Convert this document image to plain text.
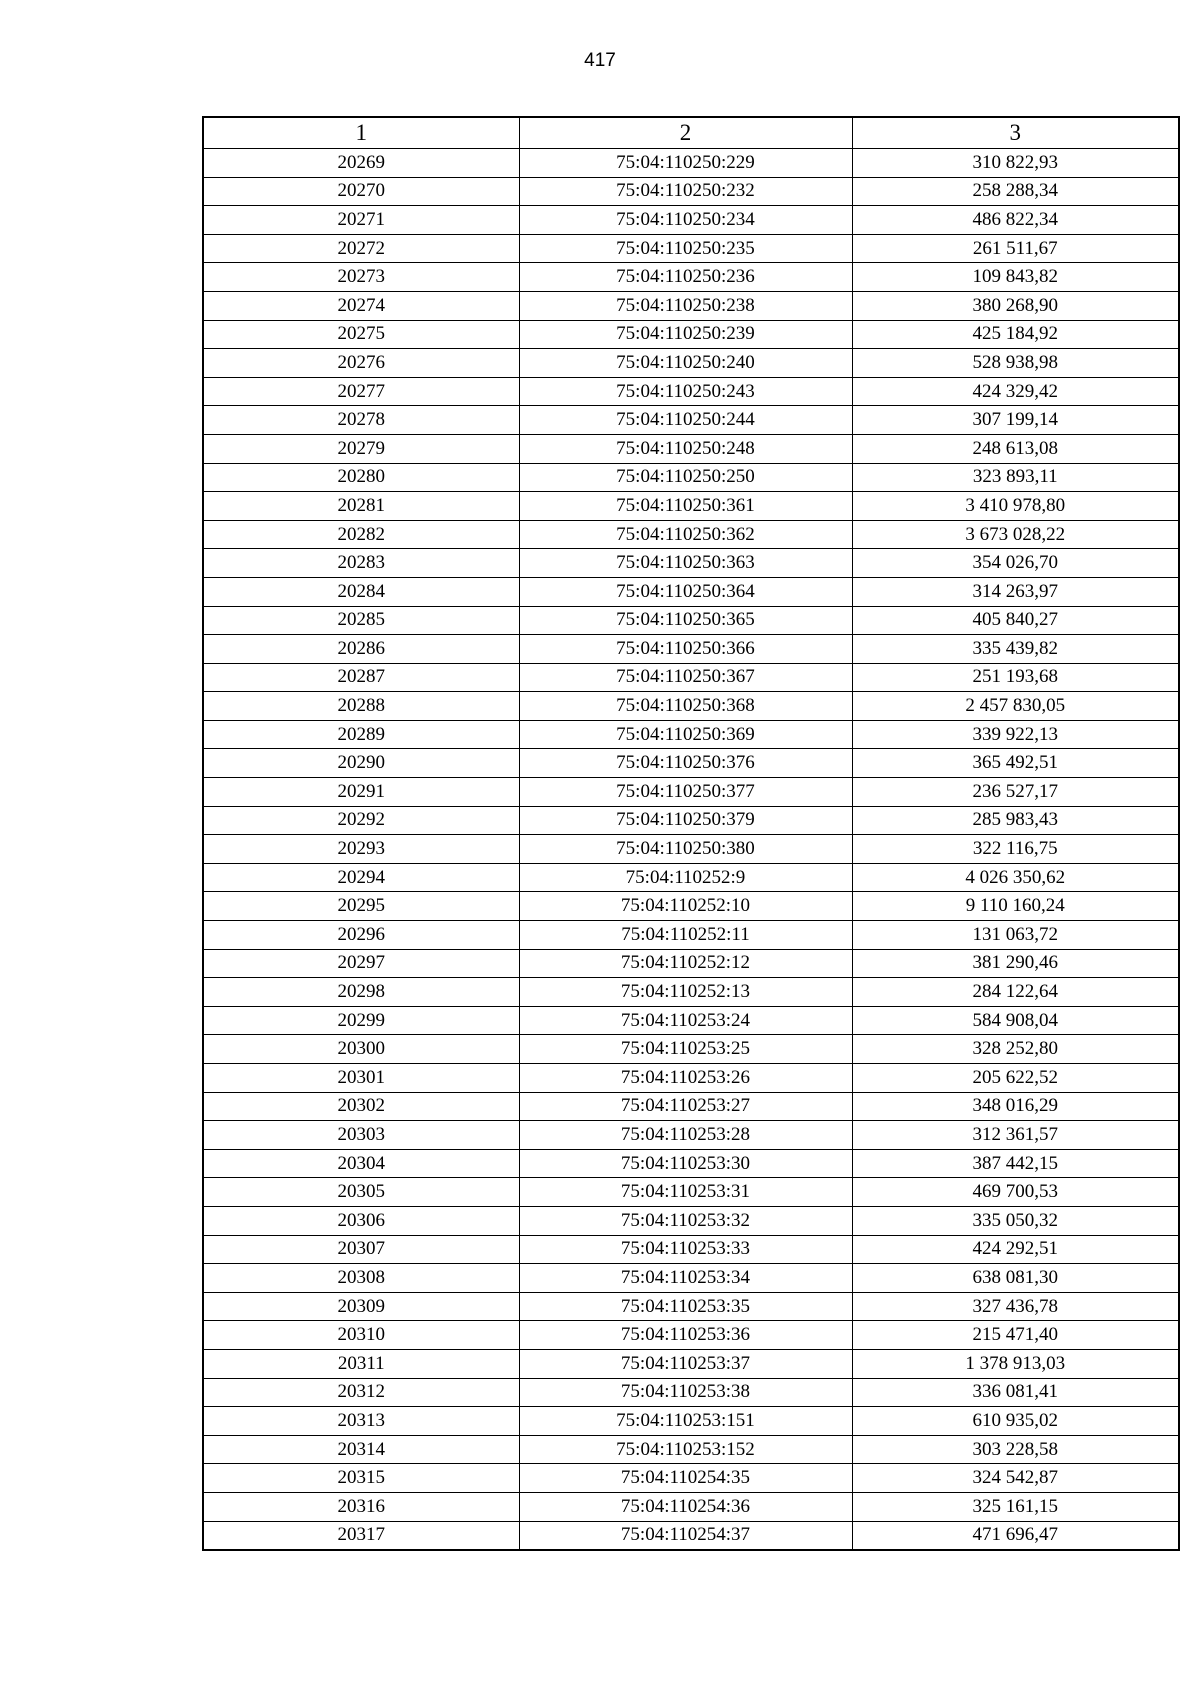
417
1	2	3
20269	75:04:110250:229	310 822,93
20270	75:04:110250:232	258 288,34
20271	75:04:110250:234	486 822,34
20272	75:04:110250:235	261 511,67
20273	75:04:110250:236	109 843,82
20274	75:04:110250:238	380 268,90
20275	75:04:110250:239	425 184,92
20276	75:04:110250:240	528 938,98
20277	75:04:110250:243	424 329,42
20278	75:04:110250:244	307 199,14
20279	75:04:110250:248	248 613,08
20280	75:04:110250:250	323 893,11
20281	75:04:110250:361	3 410 978,80
20282	75:04:110250:362	3 673 028,22
20283	75:04:110250:363	354 026,70
20284	75:04:110250:364	314 263,97
20285	75:04:110250:365	405 840,27
20286	75:04:110250:366	335 439,82
20287	75:04:110250:367	251 193,68
20288	75:04:110250:368	2 457 830,05
20289	75:04:110250:369	339 922,13
20290	75:04:110250:376	365 492,51
20291	75:04:110250:377	236 527,17
20292	75:04:110250:379	285 983,43
20293	75:04:110250:380	322 116,75
20294	75:04:110252:9	4 026 350,62
20295	75:04:110252:10	9 110 160,24
20296	75:04:110252:11	131 063,72
20297	75:04:110252:12	381 290,46
20298	75:04:110252:13	284 122,64
20299	75:04:110253:24	584 908,04
20300	75:04:110253:25	328 252,80
20301	75:04:110253:26	205 622,52
20302	75:04:110253:27	348 016,29
20303	75:04:110253:28	312 361,57
20304	75:04:110253:30	387 442,15
20305	75:04:110253:31	469 700,53
20306	75:04:110253:32	335 050,32
20307	75:04:110253:33	424 292,51
20308	75:04:110253:34	638 081,30
20309	75:04:110253:35	327 436,78
20310	75:04:110253:36	215 471,40
20311	75:04:110253:37	1 378 913,03
20312	75:04:110253:38	336 081,41
20313	75:04:110253:151	610 935,02
20314	75:04:110253:152	303 228,58
20315	75:04:110254:35	324 542,87
20316	75:04:110254:36	325 161,15
20317	75:04:110254:37	471 696,47
